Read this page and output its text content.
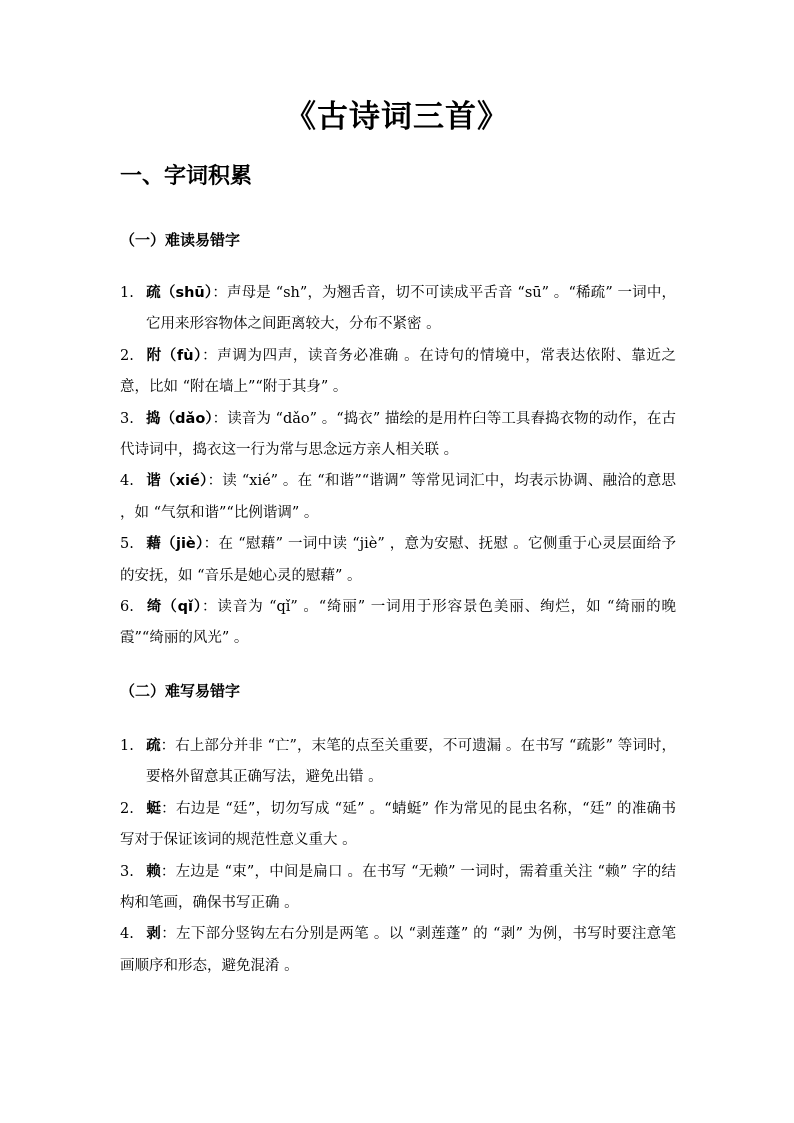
《古诗词三首》
一、字词积累
（一）难读易错字
1. 疏（shū）：声母是 “sh”，为翘舌音，切不可读成平舌音 “sū” 。“稀疏” 一词中，它用来形容物体之间距离较大，分布不紧密 。
2. 附（fù）：声调为四声，读音务必准确 。在诗句的情境中，常表达依附、靠近之意，比如 “附在墙上”“附于其身” 。
3. 捣（dǎo）：读音为 “dǎo” 。“捣衣” 描绘的是用杵臼等工具舂捣衣物的动作，在古代诗词中，捣衣这一行为常与思念远方亲人相关联 。
4. 谐（xié）：读 “xié” 。在 “和谐”“谐调” 等常见词汇中，均表示协调、融洽的意思 ，如 “气氛和谐”“比例谐调” 。
5. 藉（jiè）：在 “慰藉” 一词中读 “jiè” ，意为安慰、抚慰 。它侧重于心灵层面给予的安抚，如 “音乐是她心灵的慰藉” 。
6. 绮（qǐ）：读音为 “qǐ” 。“绮丽” 一词用于形容景色美丽、绚烂，如 “绮丽的晚霞”“绮丽的风光” 。
（二）难写易错字
1. 疏：右上部分并非 “亡”，末笔的点至关重要，不可遗漏 。在书写 “疏影” 等词时，要格外留意其正确写法，避免出错 。
2. 蜓：右边是 “廷”，切勿写成 “延” 。“蜻蜓” 作为常见的昆虫名称，“廷” 的准确书写对于保证该词的规范性意义重大 。
3. 赖：左边是 “束”，中间是扁口 。在书写 “无赖” 一词时，需着重关注 “赖” 字的结构和笔画，确保书写正确 。
4. 剥：左下部分竖钩左右分别是两笔 。以 “剥莲蓬” 的 “剥” 为例，书写时要注意笔画顺序和形态，避免混淆 。
